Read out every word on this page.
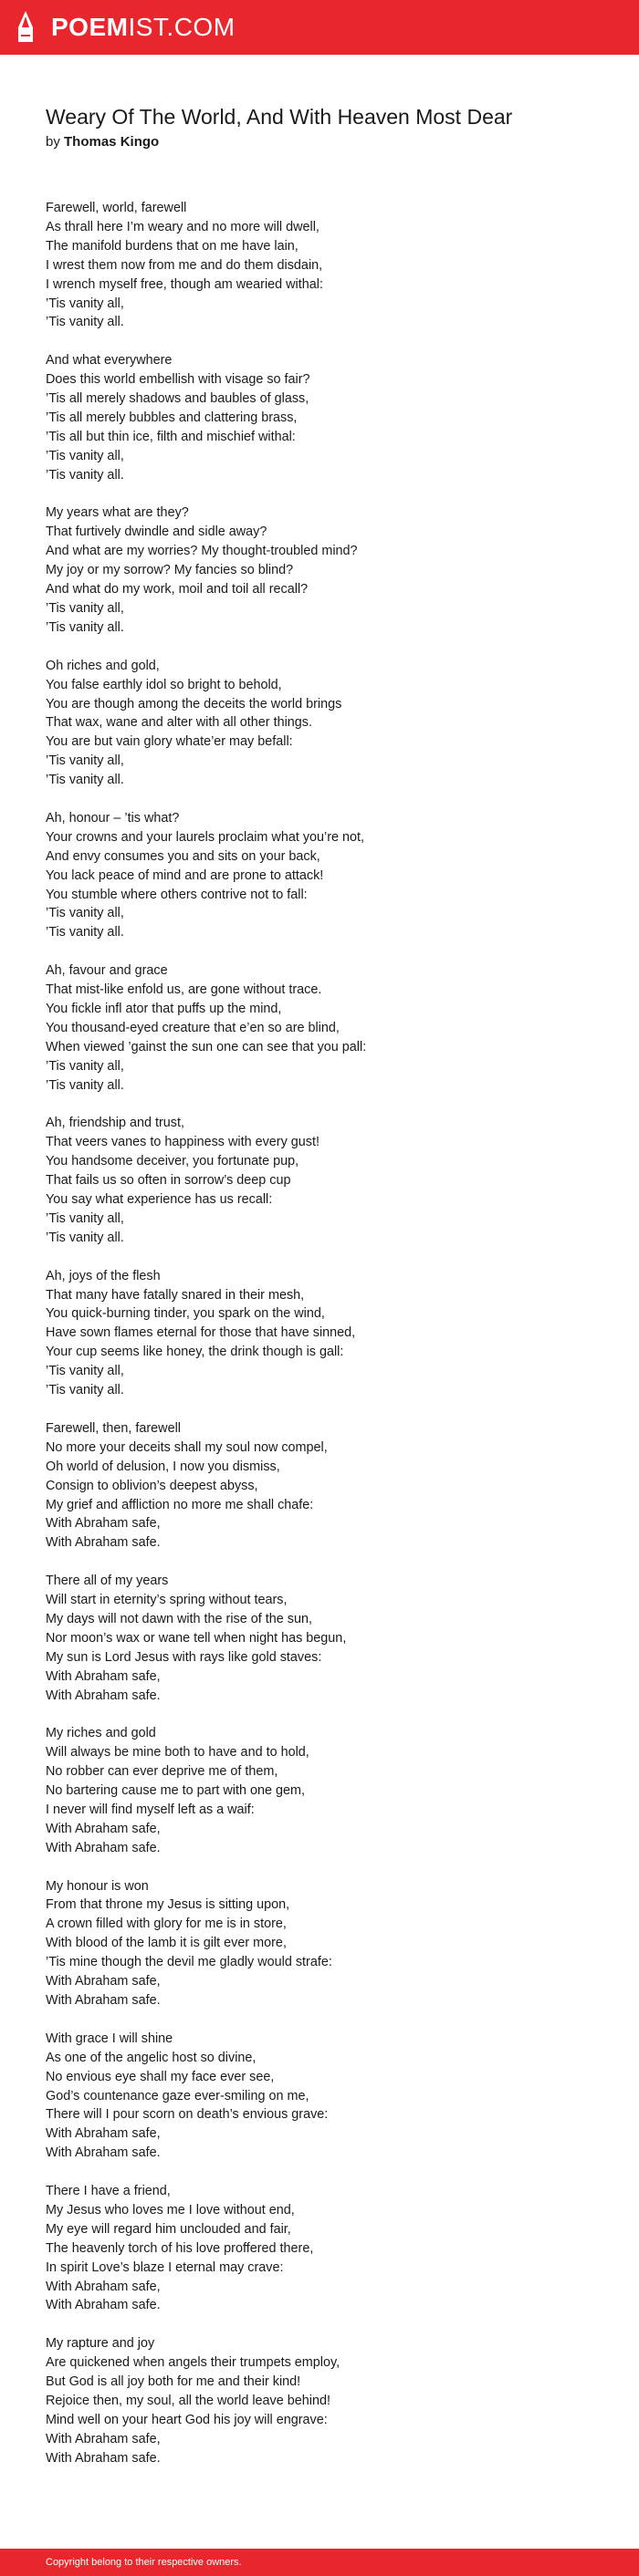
POEMIST.COM
Weary Of The World, And With Heaven Most Dear
by Thomas Kingo

Farewell, world, farewell
As thrall here I’m weary and no more will dwell,
The manifold burdens that on me have lain,
I wrest them now from me and do them disdain,
I wrench myself free, though am wearied withal:
’Tis vanity all,
’Tis vanity all.

And what everywhere
Does this world embellish with visage so fair?
’Tis all merely shadows and baubles of glass,
’Tis all merely bubbles and clattering brass,
’Tis all but thin ice, filth and mischief withal:
’Tis vanity all,
’Tis vanity all.

My years what are they?
That furtively dwindle and sidle away?
And what are my worries? My thought-troubled mind?
My joy or my sorrow? My fancies so blind?
And what do my work, moil and toil all recall?
’Tis vanity all,
’Tis vanity all.

Oh riches and gold,
You false earthly idol so bright to behold,
You are though among the deceits the world brings
That wax, wane and alter with all other things.
You are but vain glory whate’er may befall:
’Tis vanity all,
’Tis vanity all.

Ah, honour – ’tis what?
Your crowns and your laurels proclaim what you’re not,
And envy consumes you and sits on your back,
You lack peace of mind and are prone to attack!
You stumble where others contrive not to fall:
’Tis vanity all,
’Tis vanity all.

Ah, favour and grace
That mist-like enfold us, are gone without trace.
You fickle infl ator that puffs up the mind,
You thousand-eyed creature that e’en so are blind,
When viewed ’gainst the sun one can see that you pall:
’Tis vanity all,
’Tis vanity all.

Ah, friendship and trust,
That veers vanes to happiness with every gust!
You handsome deceiver, you fortunate pup,
That fails us so often in sorrow’s deep cup
You say what experience has us recall:
’Tis vanity all,
’Tis vanity all.

Ah, joys of the flesh
That many have fatally snared in their mesh,
You quick-burning tinder, you spark on the wind,
Have sown flames eternal for those that have sinned,
Your cup seems like honey, the drink though is gall:
’Tis vanity all,
’Tis vanity all.

Farewell, then, farewell
No more your deceits shall my soul now compel,
Oh world of delusion, I now you dismiss,
Consign to oblivion’s deepest abyss,
My grief and affliction no more me shall chafe:
With Abraham safe,
With Abraham safe.

There all of my years
Will start in eternity’s spring without tears,
My days will not dawn with the rise of the sun,
Nor moon’s wax or wane tell when night has begun,
My sun is Lord Jesus with rays like gold staves:
With Abraham safe,
With Abraham safe.

My riches and gold
Will always be mine both to have and to hold,
No robber can ever deprive me of them,
No bartering cause me to part with one gem,
I never will find myself left as a waif:
With Abraham safe,
With Abraham safe.

My honour is won
From that throne my Jesus is sitting upon,
A crown filled with glory for me is in store,
With blood of the lamb it is gilt ever more,
’Tis mine though the devil me gladly would strafe:
With Abraham safe,
With Abraham safe.

With grace I will shine
As one of the angelic host so divine,
No envious eye shall my face ever see,
God’s countenance gaze ever-smiling on me,
There will I pour scorn on death’s envious grave:
With Abraham safe,
With Abraham safe.

There I have a friend,
My Jesus who loves me I love without end,
My eye will regard him unclouded and fair,
The heavenly torch of his love proffered there,
In spirit Love’s blaze I eternal may crave:
With Abraham safe,
With Abraham safe.

My rapture and joy
Are quickened when angels their trumpets employ,
But God is all joy both for me and their kind!
Rejoice then, my soul, all the world leave behind!
Mind well on your heart God his joy will engrave:
With Abraham safe,
With Abraham safe.

Copyright belong to their respective owners.
